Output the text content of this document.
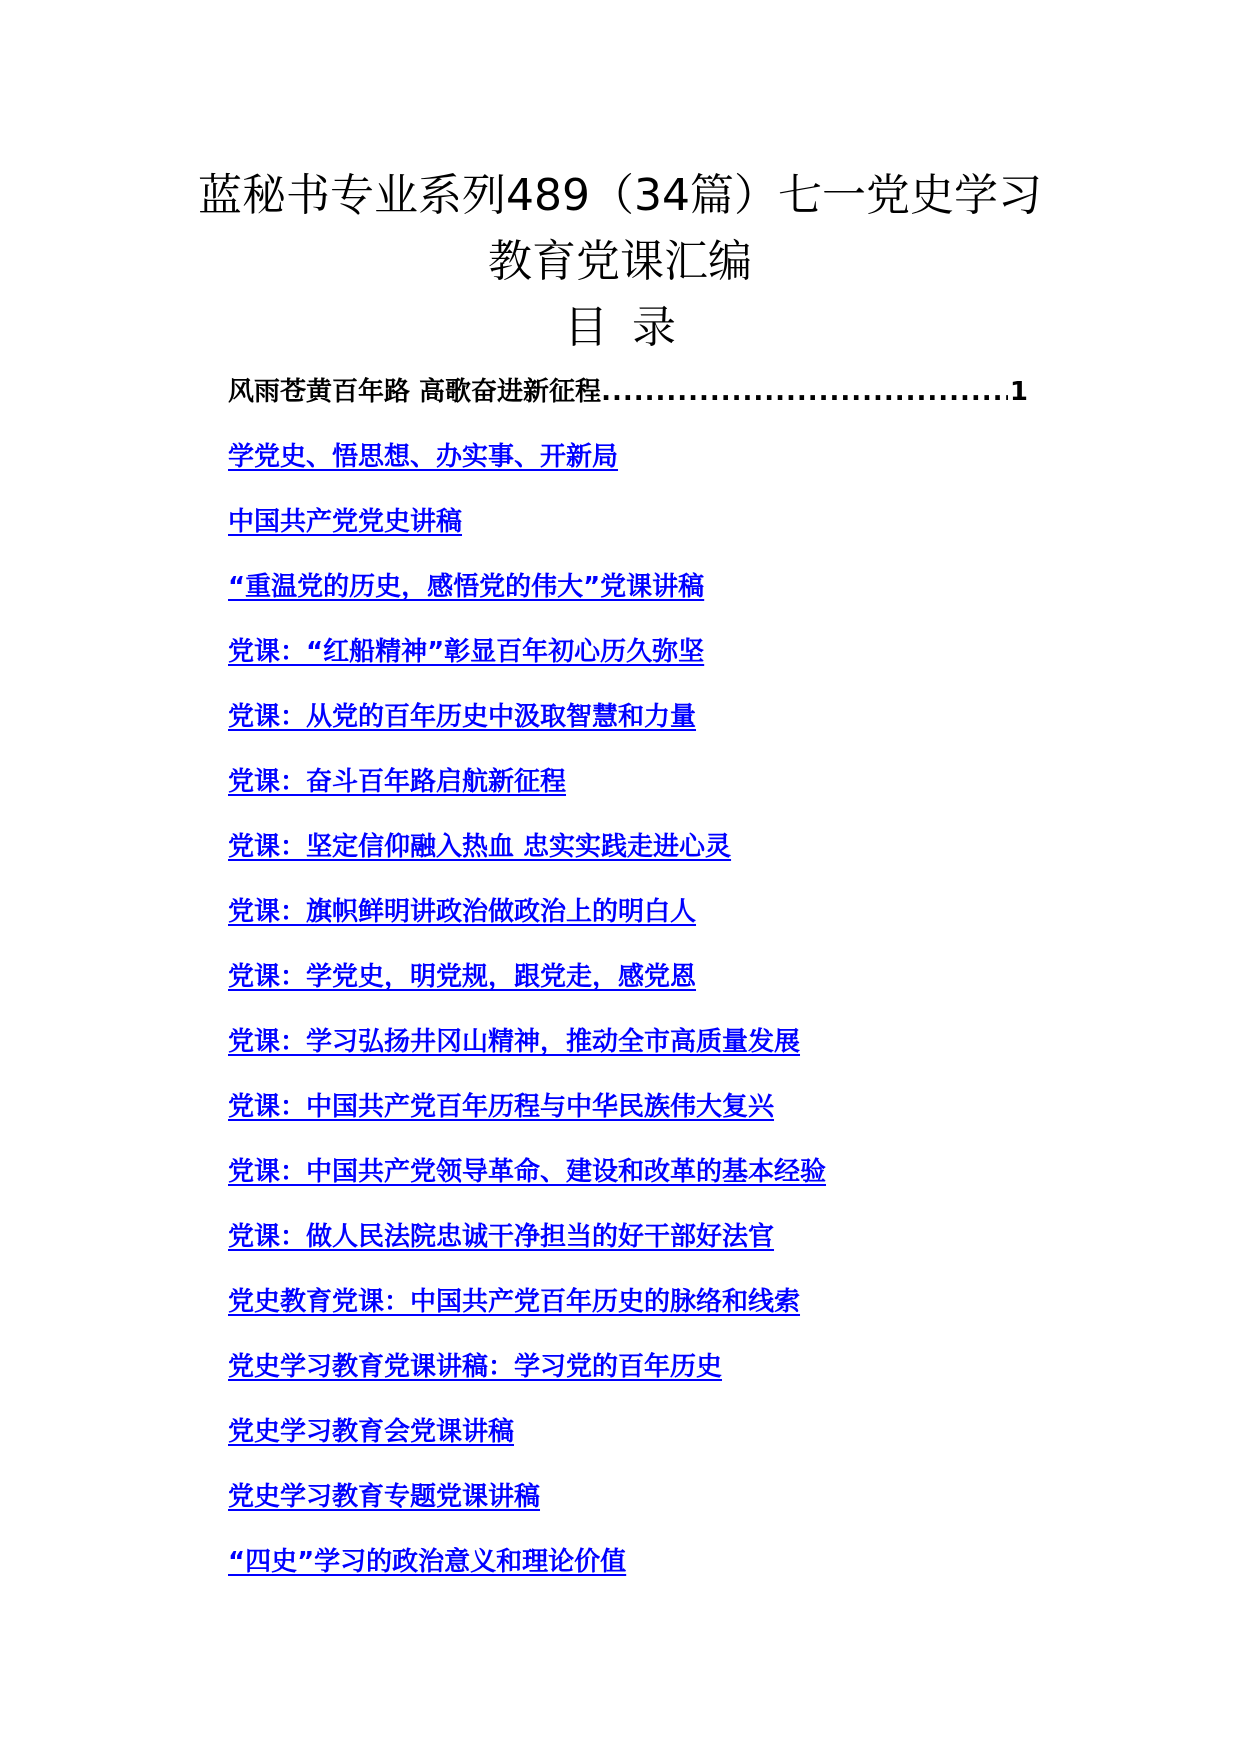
蓝秘书专业系列489（34篇）七一党史学习
教育党课汇编
目录
风雨苍黄百年路 高歌奋进新征程
.....	1
学党史、悟思想、办实事、开新局
中国共产党党史讲稿
“重温党的历史，感悟党的伟大”党课讲稿
党课：“红船精神”彰显百年初心历久弥坚
党课：从党的百年历史中汲取智慧和力量
党课：奋斗百年路启航新征程
党课：坚定信仰融入热血 忠实实践走进心灵
党课：旗帜鲜明讲政治做政治上的明白人
党课：学党史，明党规，跟党走，感党恩
党课：学习弘扬井冈山精神，推动全市高质量发展
党课：中国共产党百年历程与中华民族伟大复兴
党课：中国共产党领导革命、建设和改革的基本经验
党课：做人民法院忠诚干净担当的好干部好法官
党史教育党课：中国共产党百年历史的脉络和线索
党史学习教育党课讲稿：学习党的百年历史
党史学习教育会党课讲稿
党史学习教育专题党课讲稿
“四史”学习的政治意义和理论价值
